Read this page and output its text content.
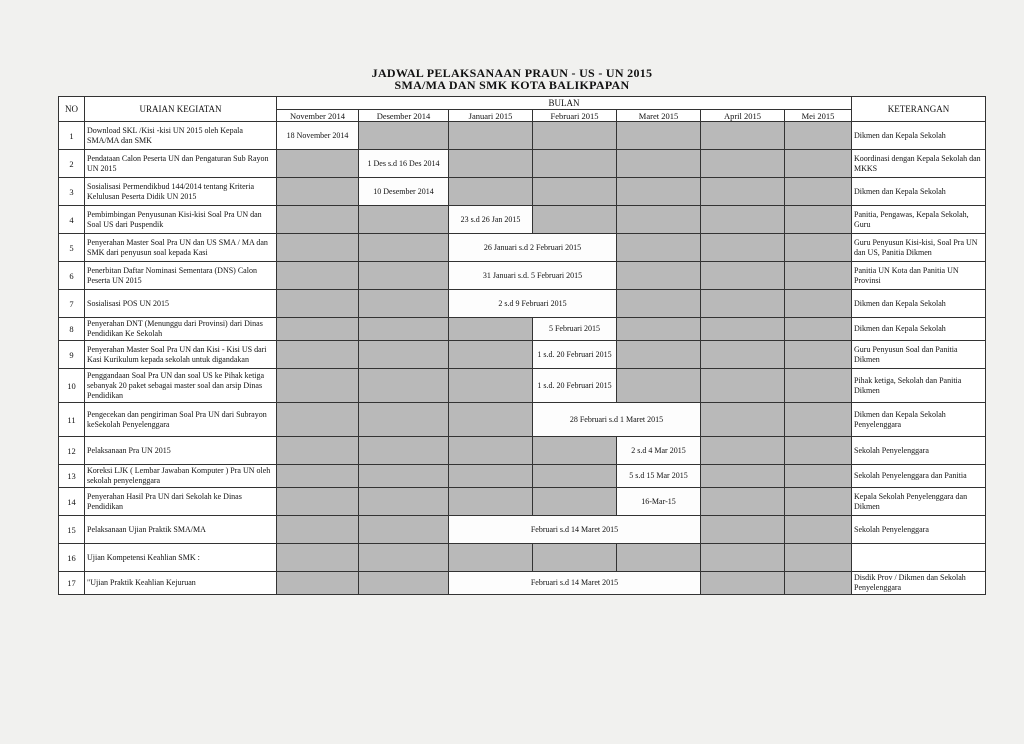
JADWAL PELAKSANAAN PRAUN - US - UN 2015
SMA/MA DAN SMK KOTA BALIKPAPAN
NO	URAIAN KEGIATAN	BULAN							KETERANGAN
		November 2014	Desember 2014	Januari 2015	Februari 2015	Maret 2015	April 2015	Mei 2015	
1	Download SKL /Kisi -kisi UN 2015 oleh Kepala SMA/MA dan SMK	18 November 2014							Dikmen dan Kepala Sekolah
2	Pendataan Calon Peserta UN dan Pengaturan Sub Rayon UN 2015		1 Des s.d 16 Des 2014						Koordinasi dengan Kepala Sekolah dan MKKS
3	Sosialisasi Permendikbud 144/2014 tentang Kriteria Kelulusan Peserta Didik UN 2015		10 Desember 2014						Dikmen dan Kepala Sekolah
4	Pembimbingan Penyusunan Kisi-kisi Soal Pra UN dan Soal US dari Puspendik			23 s.d 26 Jan 2015					Panitia, Pengawas, Kepala Sekolah, Guru
5	Penyerahan Master Soal Pra UN dan US SMA / MA dan SMK dari penyusun soal kepada Kasi			26 Januari s.d 2 Februari 2015					Guru Penyusun Kisi-kisi, Soal Pra UN dan US, Panitia Dikmen
6	Penerbitan Daftar Nominasi Sementara (DNS) Calon Peserta UN 2015			31 Januari s.d. 5 Februari 2015					Panitia UN Kota dan Panitia UN Provinsi
7	Sosialisasi POS UN 2015			2 s.d 9 Februari 2015					Dikmen dan Kepala Sekolah
8	Penyerahan DNT (Menunggu dari Provinsi) dari Dinas Pendidikan Ke Sekolah				5 Februari 2015				Dikmen dan Kepala Sekolah
9	Penyerahan Master Soal Pra UN dan Kisi - Kisi US dari Kasi Kurikulum kepada sekolah untuk digandakan				1 s.d. 20 Februari 2015				Guru Penyusun Soal dan Panitia Dikmen
10	Penggandaan Soal Pra UN dan soal US ke Pihak ketiga sebanyak 20 paket sebagai master soal dan arsip Dinas Pendidikan				1 s.d. 20 Februari 2015				Pihak ketiga, Sekolah dan Panitia Dikmen
11	Pengecekan dan pengiriman Soal Pra UN dari Subrayon keSekolah Penyelenggara				28 Februari s.d 1 Maret 2015				Dikmen dan Kepala Sekolah Penyelenggara
12	Pelaksanaan Pra UN 2015					2 s.d 4 Mar 2015			Sekolah Penyelenggara
13	Koreksi LJK ( Lembar Jawaban Komputer ) Pra UN oleh sekolah penyelenggara					5 s.d 15 Mar 2015			Sekolah Penyelenggara dan Panitia
14	Penyerahan Hasil Pra UN dari Sekolah ke Dinas Pendidikan					16-Mar-15			Kepala Sekolah Penyelenggara dan Dikmen
15	Pelaksanaan Ujian Praktik SMA/MA			Februari s.d 14 Maret 2015					Sekolah Penyelenggara
16	Ujian Kompetensi Keahlian SMK :								
17	"Ujian Praktik Keahlian Kejuruan			Februari s.d 14 Maret 2015					Disdik Prov / Dikmen dan Sekolah Penyelenggara
